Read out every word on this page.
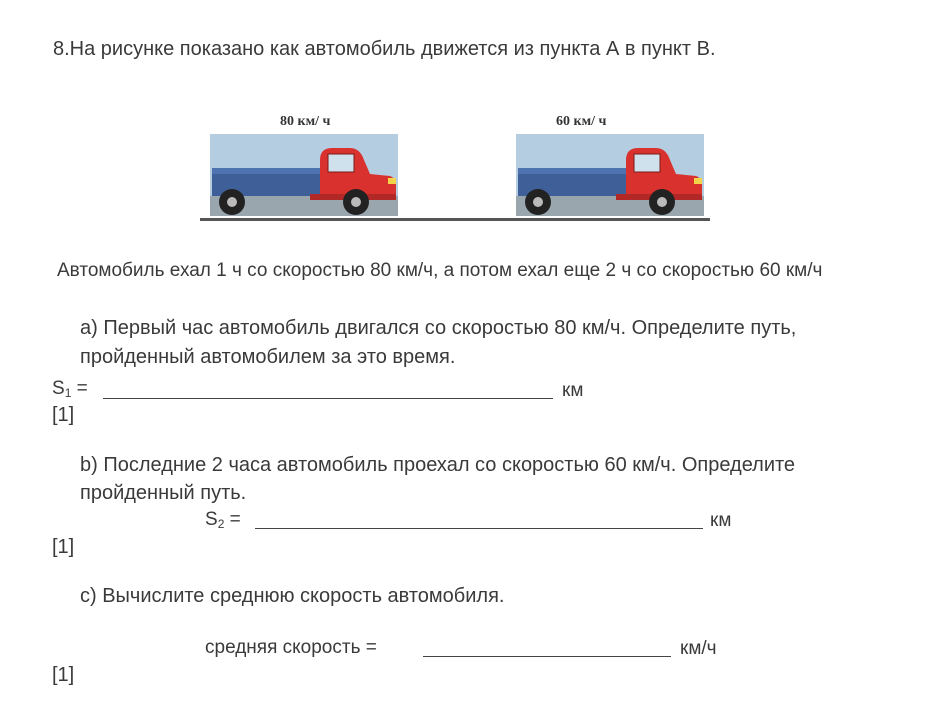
8.На рисунке показано как автомобиль движется из пункта А в пункт В.
80 км/ ч	60 км/ ч
Автомобиль ехал 1 ч со скоростью 80 км/ч, а потом ехал еще 2 ч со скоростью 60 км/ч
а) Первый час автомобиль двигался со скоростью 80 км/ч. Определите путь,
пройденный автомобилем за это время.
$S_1$ =	км
[1]
b) Последние 2 часа автомобиль проехал со скоростью 60 км/ч. Определите
пройденный путь.
$S_2$ =	км
[1]
c) Вычислите среднюю скорость автомобиля.
средняя скорость =	км/ч
[1]
